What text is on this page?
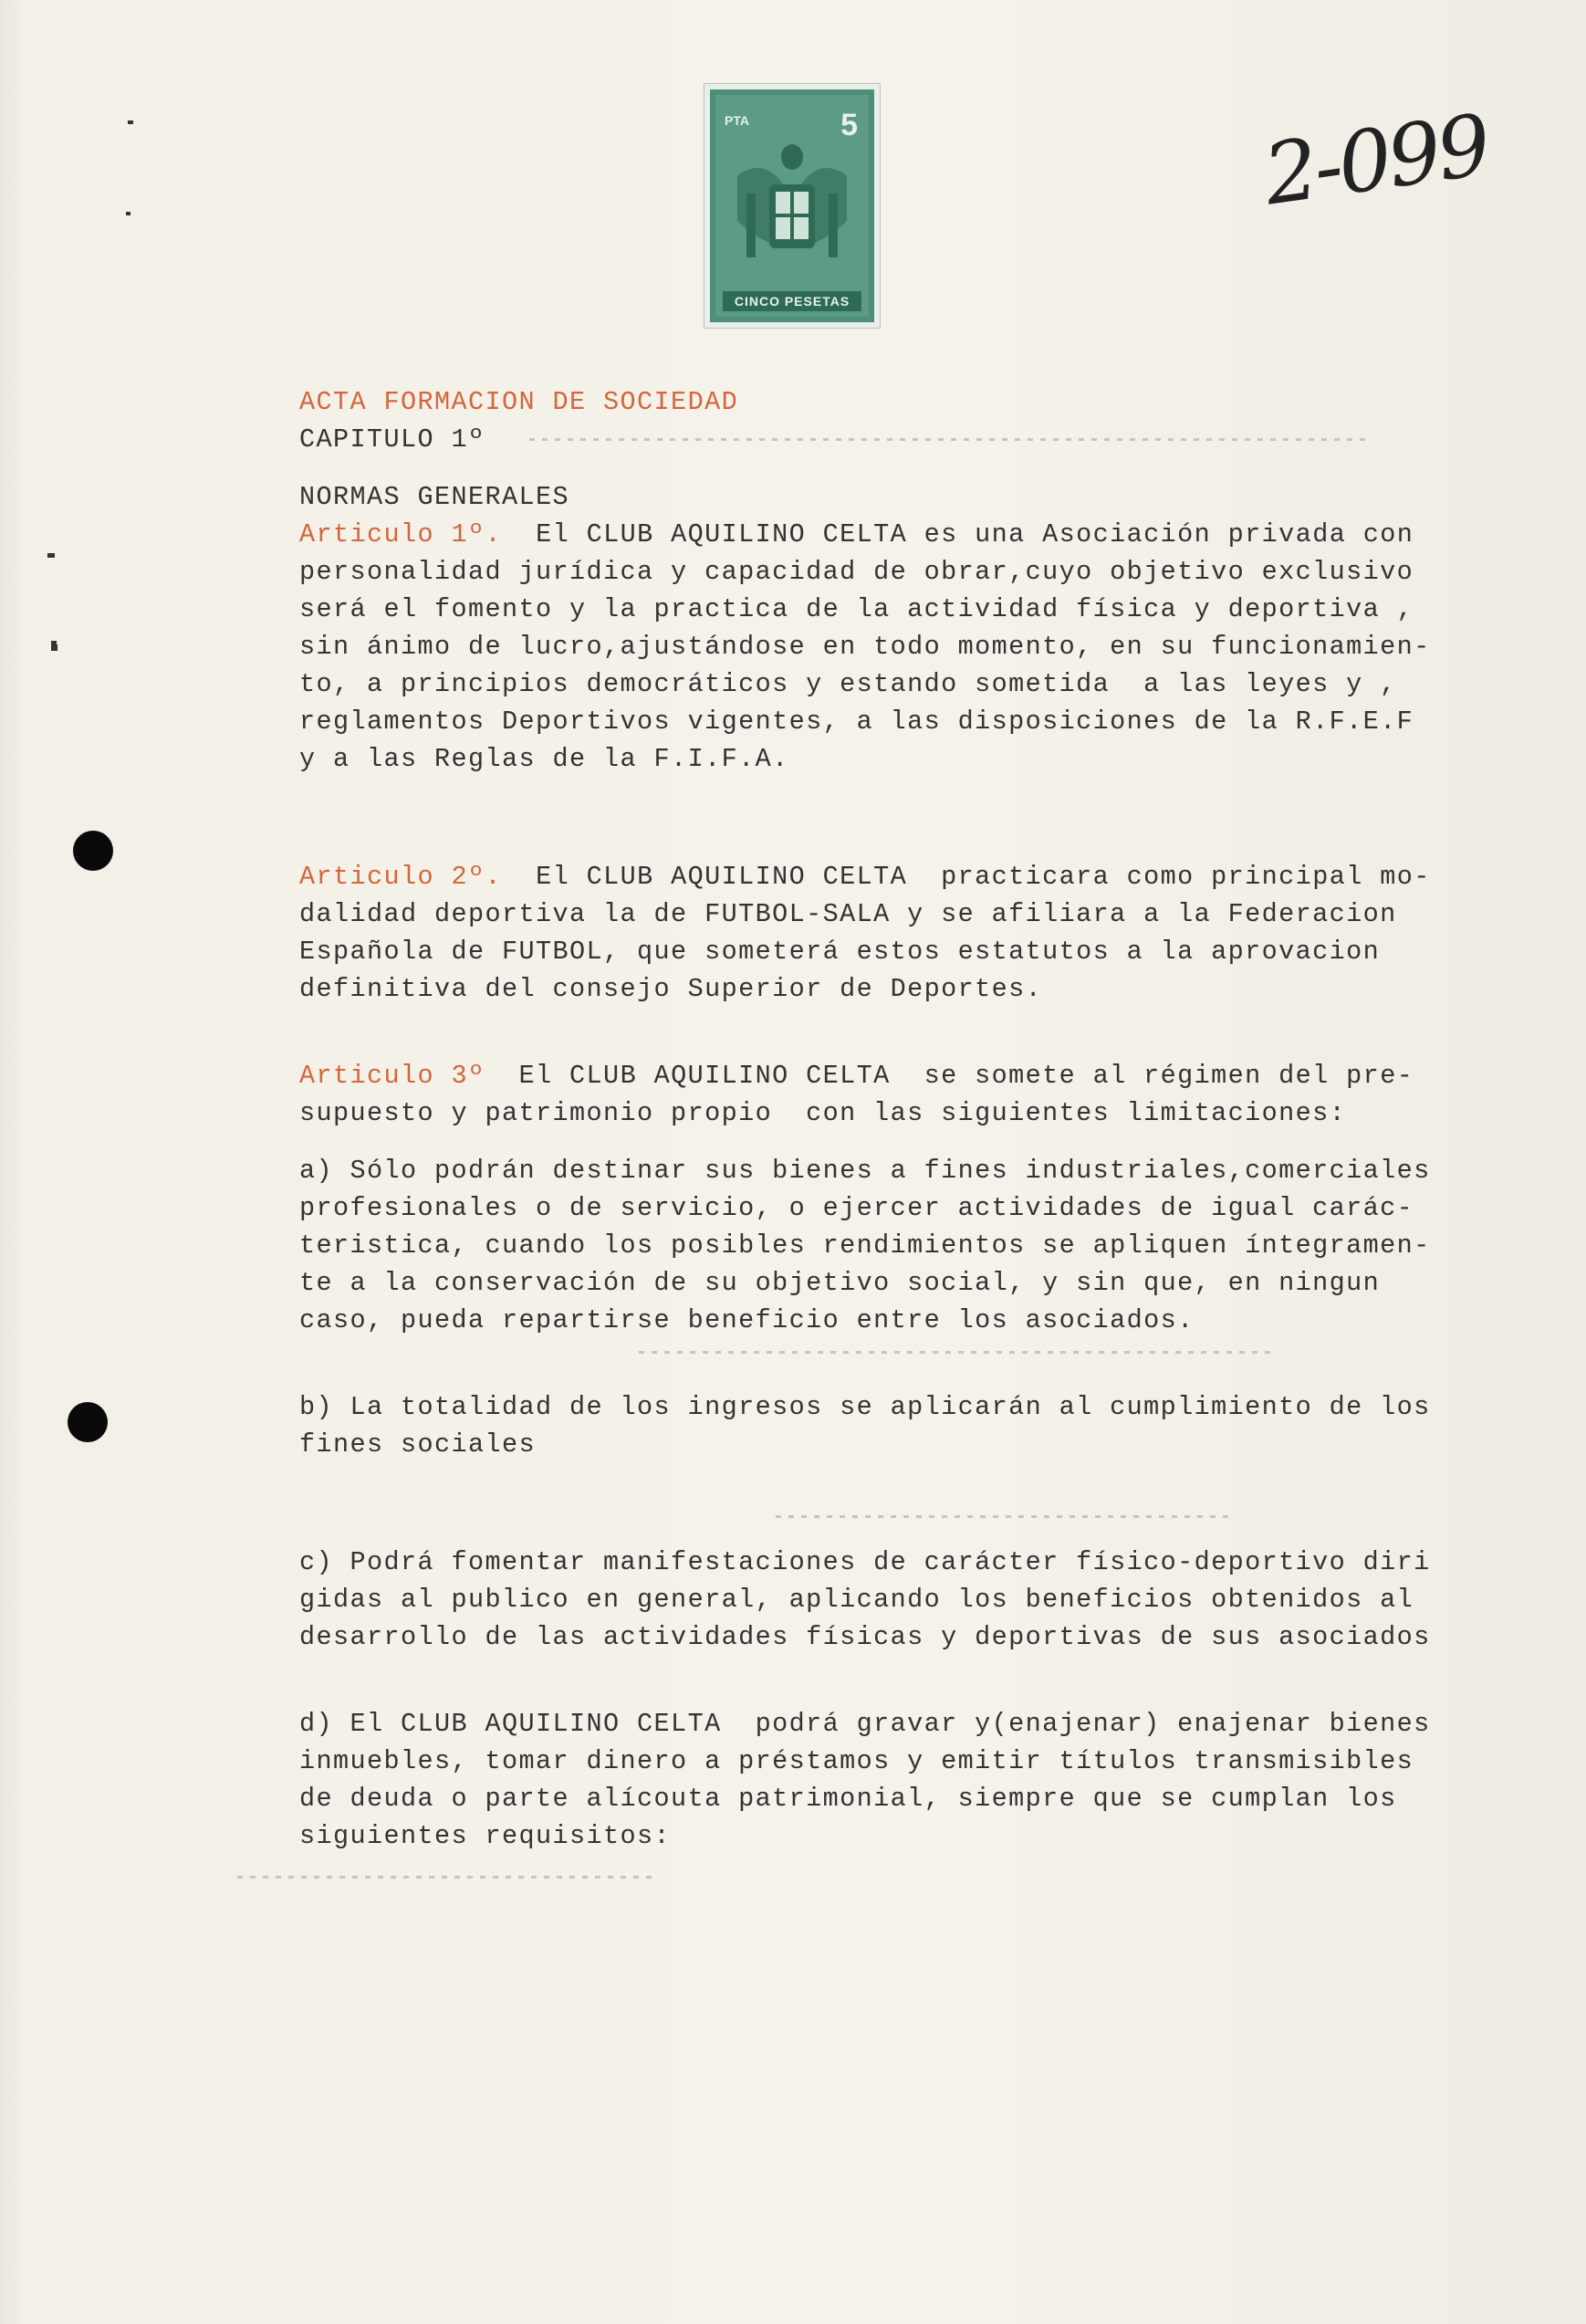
PTA	5
CINCO PESETAS
2-099

ACTA FORMACION DE SOCIEDAD

CAPITULO 1º

NORMAS GENERALES

Articulo 1º. El CLUB AQUILINO CELTA es una Asociación privada con

personalidad jurídica y capacidad de obrar,cuyo objetivo exclusivo

será el fomento y la practica de la actividad física y deportiva ,

sin ánimo de lucro,ajustándose en todo momento, en su funcionamien-

to, a principios democráticos y estando sometida  a las leyes y ,

reglamentos Deportivos vigentes, a las disposiciones de la R.F.E.F

y a las Reglas de la F.I.F.A.

Articulo 2º. El CLUB AQUILINO CELTA  practicara como principal mo-

dalidad deportiva la de FUTBOL-SALA y se afiliara a la Federacion

Española de FUTBOL, que someterá estos estatutos a la aprovacion

definitiva del consejo Superior de Deportes.

Articulo 3º El CLUB AQUILINO CELTA  se somete al régimen del pre-

supuesto y patrimonio propio  con las siguientes limitaciones:

a) Sólo podrán destinar sus bienes a fines industriales,comerciales

profesionales o de servicio, o ejercer actividades de igual carác-

teristica, cuando los posibles rendimientos se apliquen íntegramen-

te a la conservación de su objetivo social, y sin que, en ningun

caso, pueda repartirse beneficio entre los asociados.

b) La totalidad de los ingresos se aplicarán al cumplimiento de los

fines sociales

c) Podrá fomentar manifestaciones de carácter físico-deportivo diri

gidas al publico en general, aplicando los beneficios obtenidos al

desarrollo de las actividades físicas y deportivas de sus asociados

d) El CLUB AQUILINO CELTA  podrá gravar y(enajenar) enajenar bienes

inmuebles, tomar dinero a préstamos y emitir títulos transmisibles

de deuda o parte alícouta patrimonial, siempre que se cumplan los

siguientes requisitos:
